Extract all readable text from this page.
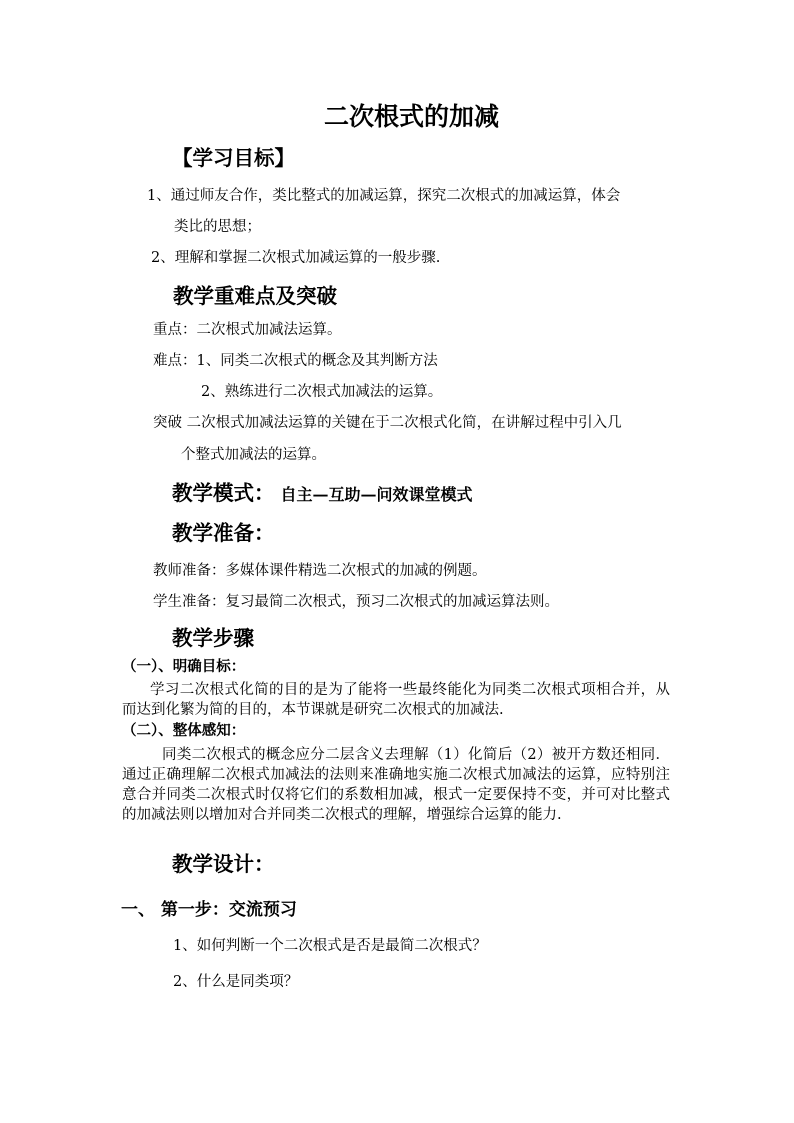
二次根式的加减
【学习目标】
1、通过师友合作，类比整式的加减运算，探究二次根式的加减运算，体会
类比的思想；
2、理解和掌握二次根式加减运算的一般步骤.
教学重难点及突破
重点：二次根式加减法运算。
难点：1、同类二次根式的概念及其判断方法
2、熟练进行二次根式加减法的运算。
突破 二次根式加减法运算的关键在于二次根式化简，在讲解过程中引入几
个整式加减法的运算。
教学模式： 自主—互助—问效课堂模式
教学准备：
教师准备：多媒体课件精选二次根式的加减的例题。
学生准备：复习最简二次根式，预习二次根式的加减运算法则。
教学步骤
（一）、明确目标：

学习二次根式化简的目的是为了能将一些最终能化为同类二次根式项相合并，从而达到化繁为简的目的，本节课就是研究二次根式的加减法.

（二）、整体感知：

同类二次根式的概念应分二层含义去理解（1）化简后（2）被开方数还相同．通过正确理解二次根式加减法的法则来准确地实施二次根式加减法的运算，应特别注意合并同类二次根式时仅将它们的系数相加减，根式一定要保持不变，并可对比整式的加减法则以增加对合并同类二次根式的理解，增强综合运算的能力.

教学设计：
一、 第一步：交流预习
1、如何判断一个二次根式是否是最简二次根式？
2、什么是同类项？
